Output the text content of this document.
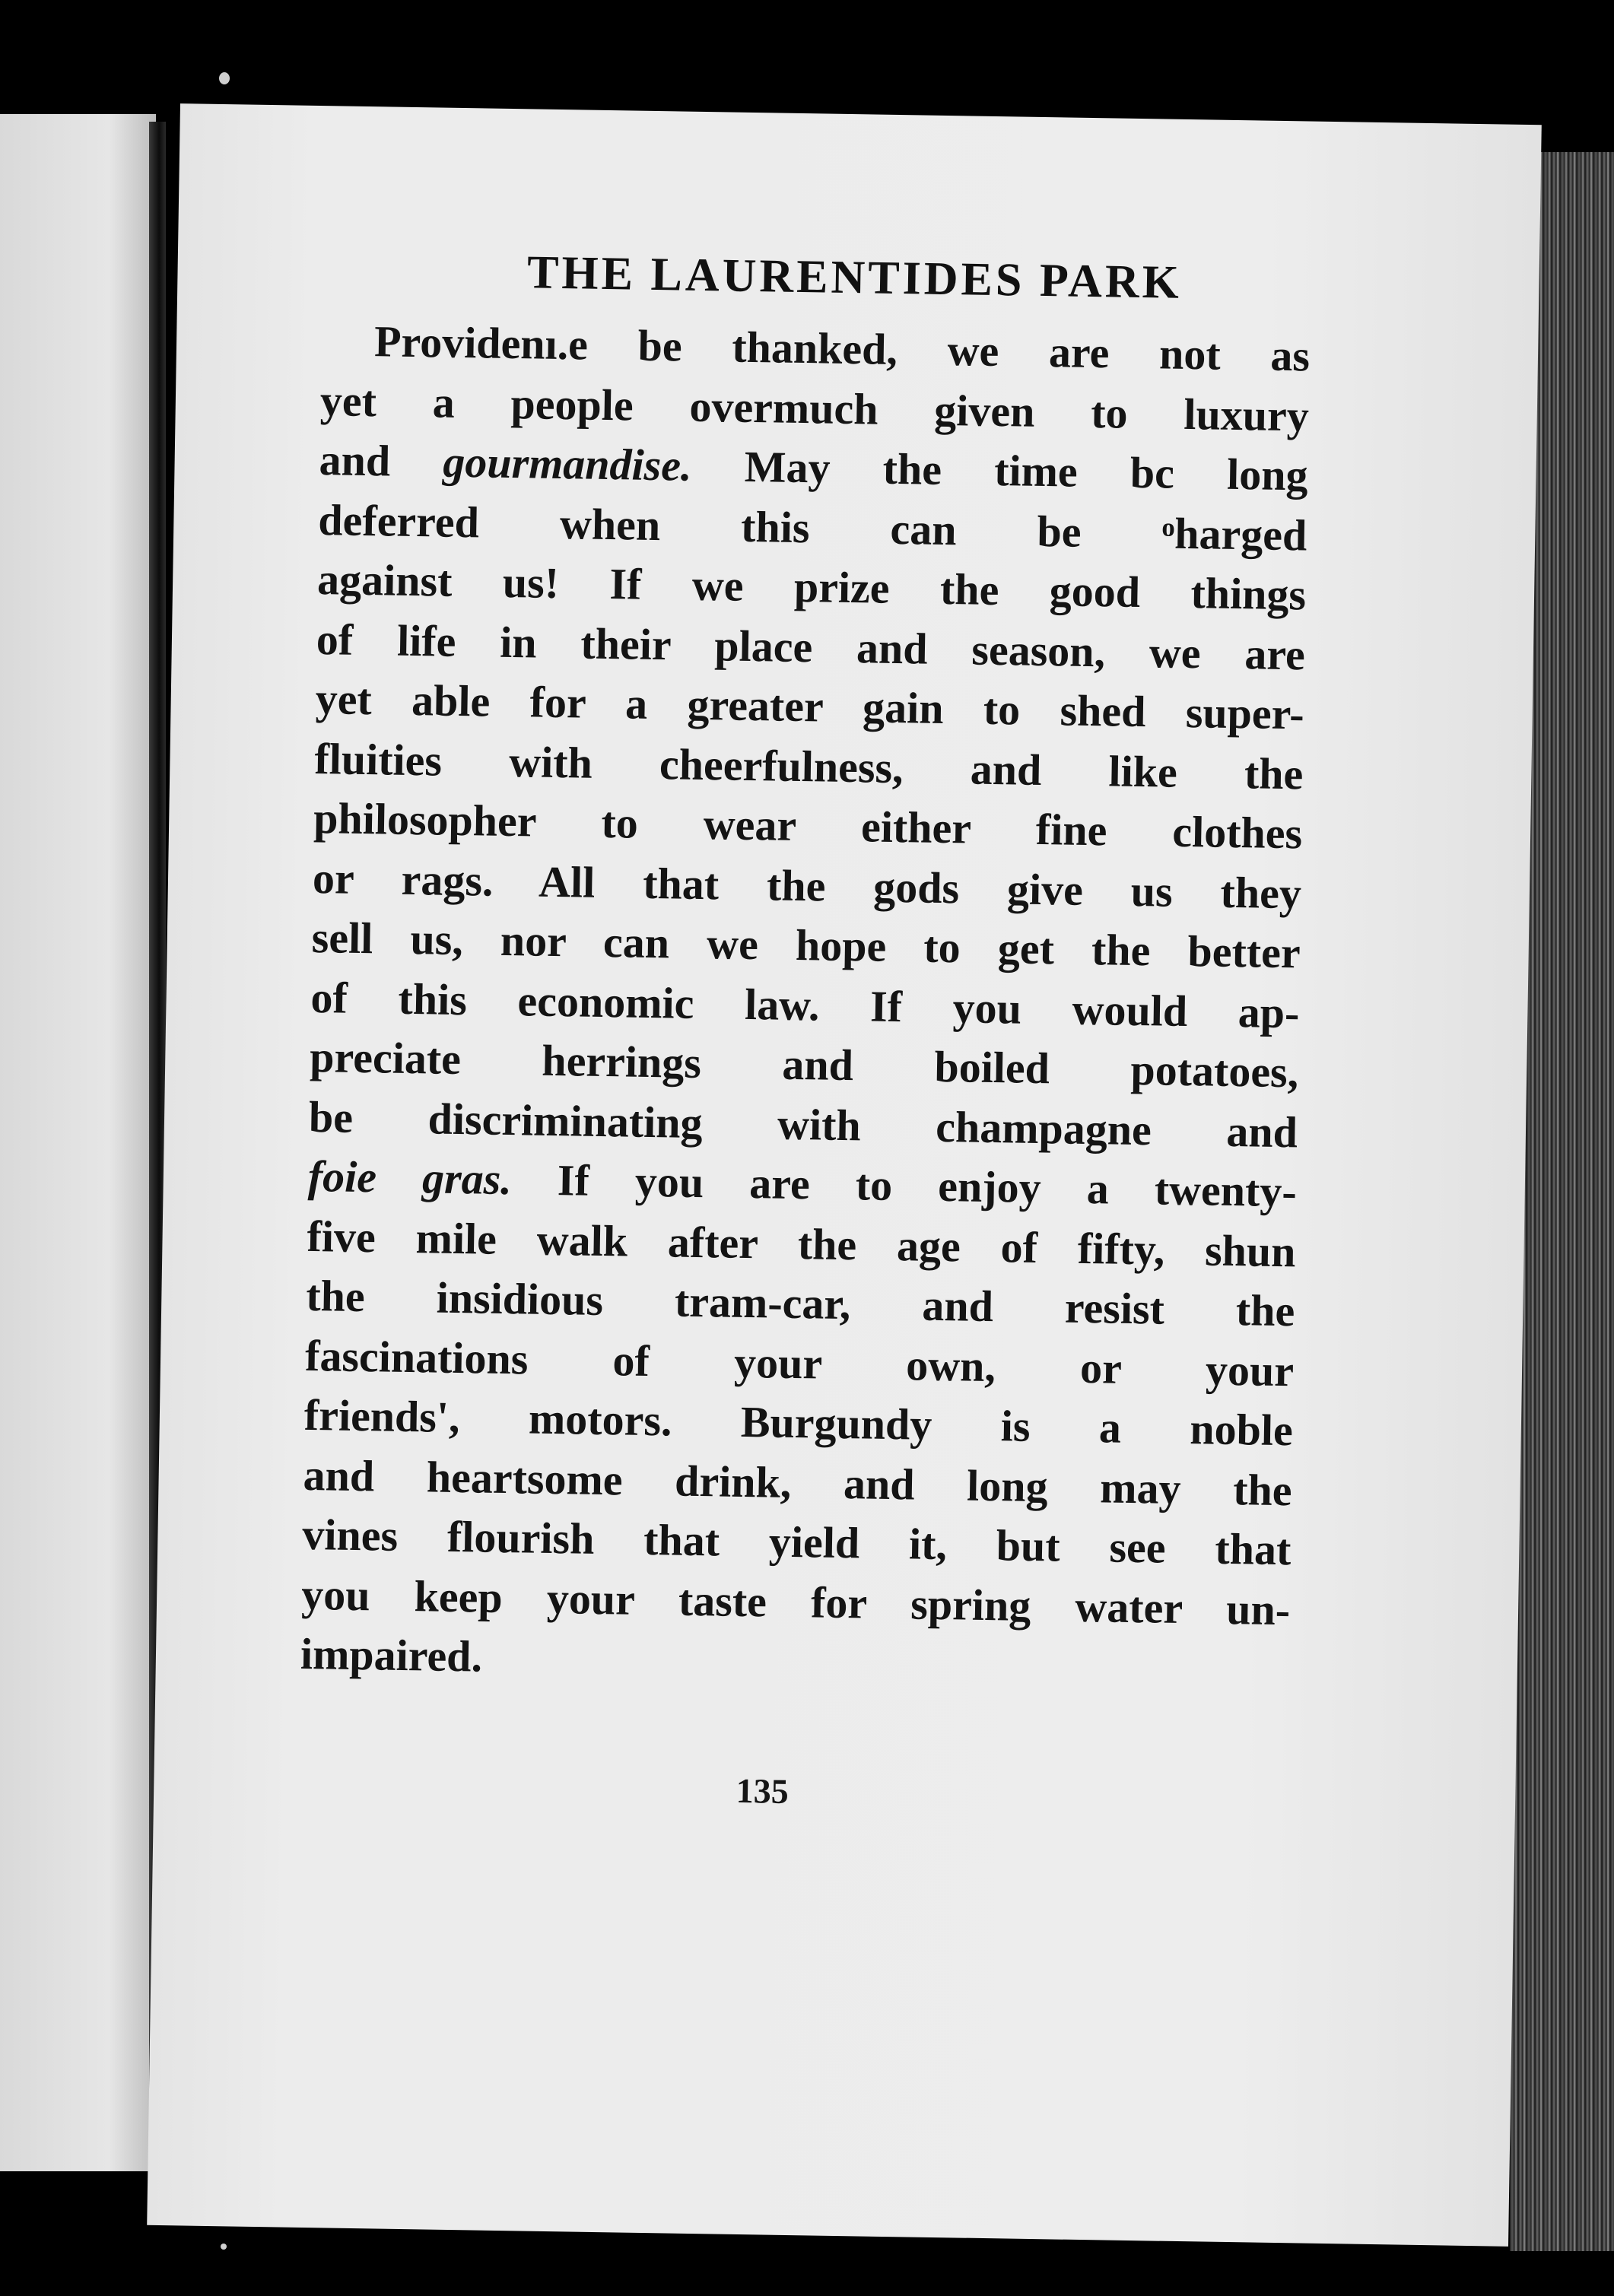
THE LAURENTIDES PARK
Providenı.e be thanked, we are not as
yet a people overmuch given to luxury
and gourmandise. May the time bc long
deferred when this can be ᵒharged
against us! If we prize the good things
of life in their place and season, we are
yet able for a greater gain to shed super-
fluities with cheerfulness, and like the
philosopher to wear either fine clothes
or rags. All that the gods give us they
sell us, nor can we hope to get the better
of this economic law. If you would ap-
preciate herrings and boiled potatoes,
be discriminating with champagne and
foie gras. If you are to enjoy a twenty-
five mile walk after the age of fifty, shun
the insidious tram-car, and resist the
fascinations of your own, or your
friends', motors. Burgundy is a noble
and heartsome drink, and long may the
vines flourish that yield it, but see that
you keep your taste for spring water un-
impaired.
135
